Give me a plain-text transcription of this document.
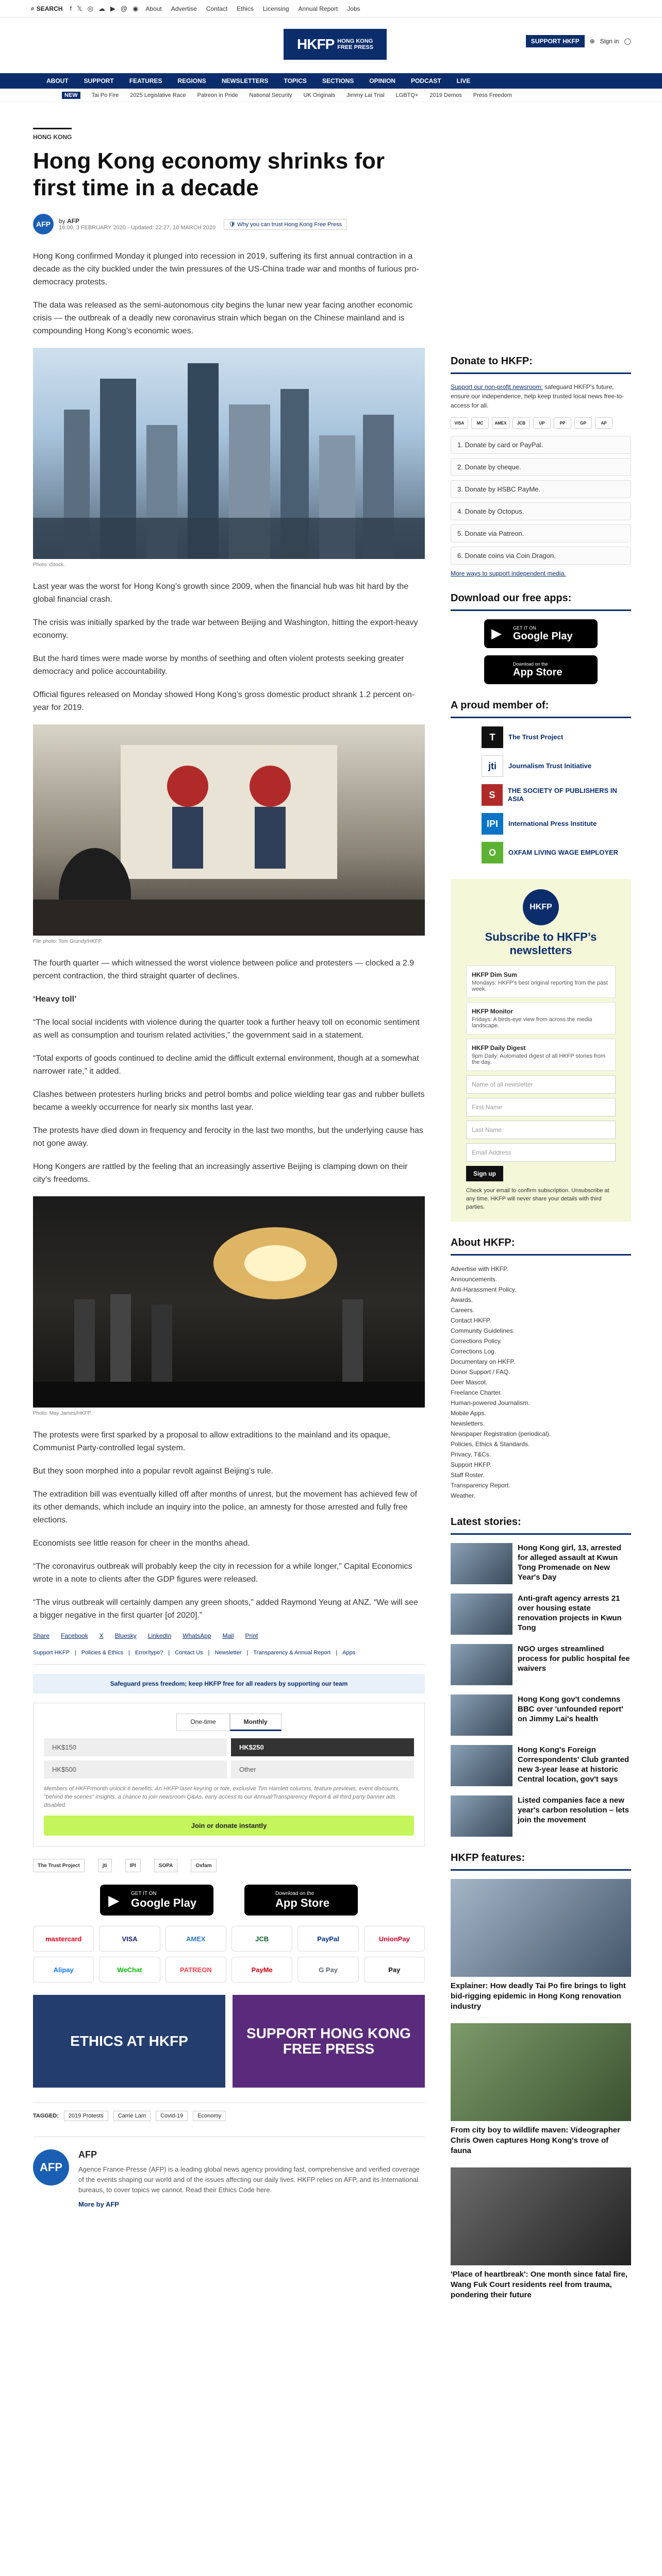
⌕ SEARCH f 𝕏 ◎ ☁ ▶ @ ◉ About Advertise Contact Ethics Licensing Annual Report Jobs
HKFP HONG KONG
FREE PRESS
SUPPORT HKFP	⊕ Sign in ◯
ABOUT	SUPPORT	FEATURES	REGIONS	NEWSLETTERS	TOPICS	SECTIONS	OPINION	PODCAST	LIVE
NEW	Tai Po Fire 2025 Legislative Race Patreon in Pride National Security UK Originals Jimmy Lai Trial LGBTQ+ 2019 Demos Press Freedom
HONG KONG
Hong Kong economy shrinks for first time in a decade
AFP	by AFP
16:00, 3 FEBRUARY 2020 · Updated: 22:27, 10 MARCH 2020
🛡 Why you can trust Hong Kong Free Press

Hong Kong confirmed Monday it plunged into recession in 2019, suffering its first annual contraction in a decade as the city buckled under the twin pressures of the US-China trade war and months of furious pro-democracy protests.

The data was released as the semi-autonomous city begins the lunar new year facing another economic crisis — the outbreak of a deadly new coronavirus strain which began on the Chinese mainland and is compounding Hong Kong’s economic woes.

Photo: iStock.

Last year was the worst for Hong Kong’s growth since 2009, when the financial hub was hit hard by the global financial crash.

The crisis was initially sparked by the trade war between Beijing and Washington, hitting the export-heavy economy.

But the hard times were made worse by months of seething and often violent protests seeking greater democracy and police accountability.

Official figures released on Monday showed Hong Kong’s gross domestic product shrank 1.2 percent on-year for 2019.

File photo: Tom Grundy/HKFP.

The fourth quarter — which witnessed the worst violence between police and protesters — clocked a 2.9 percent contraction, the third straight quarter of declines.

‘Heavy toll’

“The local social incidents with violence during the quarter took a further heavy toll on economic sentiment as well as consumption and tourism related activities,” the government said in a statement.

“Total exports of goods continued to decline amid the difficult external environment, though at a somewhat narrower rate,” it added.

Clashes between protesters hurling bricks and petrol bombs and police wielding tear gas and rubber bullets became a weekly occurrence for nearly six months last year.

The protests have died down in frequency and ferocity in the last two months, but the underlying cause has not gone away.

Hong Kongers are rattled by the feeling that an increasingly assertive Beijing is clamping down on their city’s freedoms.

Photo: May James/HKFP.

The protests were first sparked by a proposal to allow extraditions to the mainland and its opaque, Communist Party-controlled legal system.

But they soon morphed into a popular revolt against Beijing’s rule.

The extradition bill was eventually killed off after months of unrest, but the movement has achieved few of its other demands, which include an inquiry into the police, an amnesty for those arrested and fully free elections.

Economists see little reason for cheer in the months ahead.

“The coronavirus outbreak will probably keep the city in recession for a while longer,” Capital Economics wrote in a note to clients after the GDP figures were released.

“The virus outbreak will certainly dampen any green shoots,” added Raymond Yeung at ANZ. “We will see a bigger negative in the first quarter [of 2020].”

Share Facebook X Bluesky LinkedIn WhatsApp Mail Print
Support HKFP | Policies & Ethics | Error/typo? | Contact Us | Newsletter | Transparency & Annual Report | Apps
Safeguard press freedom; keep HKFP free for all readers by supporting our team
One-time	Monthly
HK$150	HK$250
HK$500	Other
Members of HKFP/month unlock 6 benefits: An HKFP laser keyring or tote, exclusive Tim Hamlett columns, feature previews, event discounts, "behind the scenes" insights, a chance to join newsroom Q&As, early access to our Annual/Transparency Report & all third party banner ads disabled.
Join or donate instantly
The Trust Project	jti	IPI	SOPA	Oxfam
▶ GET IT ON
Google Play
Download on the
App Store
mastercard	VISA	AMEX	JCB	PayPal	UnionPay
Alipay	WeChat	PATREON	PayMe	G Pay	Pay
ETHICS AT HKFP	SUPPORT HONG KONG FREE PRESS
TAGGED:	2019 Protests	Carrie Lam	Covid-19	Economy
AFP
AFP

Agence France-Presse (AFP) is a leading global news agency providing fast, comprehensive and verified coverage of the events shaping our world and of the issues affecting our daily lives. HKFP relies on AFP, and its International bureaus, to cover topics we cannot. Read their Ethics Code here.

More by AFP

Donate to HKFP:
Support our non-profit newsroom: safeguard HKFP's future, ensure our independence, help keep trusted local news free-to-access for all.
VISA	MC	AMEX	JCB	UP	PP	GP	AP
1. Donate by card or PayPal.
2. Donate by cheque.
3. Donate by HSBC PayMe.
4. Donate by Octopus.
5. Donate via Patreon.
6. Donate coins via Coin Dragon.
More ways to support independent media.
Download our free apps:
▶ GET IT ON
Google Play
Download on the
App Store
A proud member of:
T	The Trust Project
jti	Journalism Trust Initiative
S	THE SOCIETY OF PUBLISHERS IN ASIA
IPI	International Press Institute
O	OXFAM LIVING WAGE EMPLOYER
HKFP
Subscribe to HKFP’s newsletters
HKFP Dim Sum
Mondays: HKFP's best original reporting from the past week.
HKFP Monitor
Fridays: A birds-eye view from across the media landscape.
HKFP Daily Digest
9pm Daily: Automated digest of all HKFP stories from the day.
Name of all newsletter
First Name
Last Name
Email Address
Sign up
Check your email to confirm subscription. Unsubscribe at any time. HKFP will never share your details with third parties.
About HKFP:
Advertise with HKFP.
Announcements.
Anti-Harassment Policy.
Awards.
Careers.
Contact HKFP.
Community Guidelines.
Corrections Policy.
Corrections Log.
Documentary on HKFP.
Donor Support / FAQ.
Deer Mascot.
Freelance Charter.
Human-powered Journalism.
Mobile Apps.
Newsletters.
Newspaper Registration (periodical).
Policies, Ethics & Standards.
Privacy, T&Cs.
Support HKFP.
Staff Roster.
Transparency Report.
Weather.
Latest stories:
Hong Kong girl, 13, arrested for alleged assault at Kwun Tong Promenade on New Year's Day
Anti-graft agency arrests 21 over housing estate renovation projects in Kwun Tong
NGO urges streamlined process for public hospital fee waivers
Hong Kong gov't condemns BBC over 'unfounded report' on Jimmy Lai's health
Hong Kong's Foreign Correspondents' Club granted new 3-year lease at historic Central location, gov't says
Listed companies face a new year's carbon resolution – lets join the movement
HKFP features:
Explainer: How deadly Tai Po fire brings to light bid-rigging epidemic in Hong Kong renovation industry
From city boy to wildlife maven: Videographer Chris Owen captures Hong Kong's trove of fauna
'Place of heartbreak': One month since fatal fire, Wang Fuk Court residents reel from trauma, pondering their future
